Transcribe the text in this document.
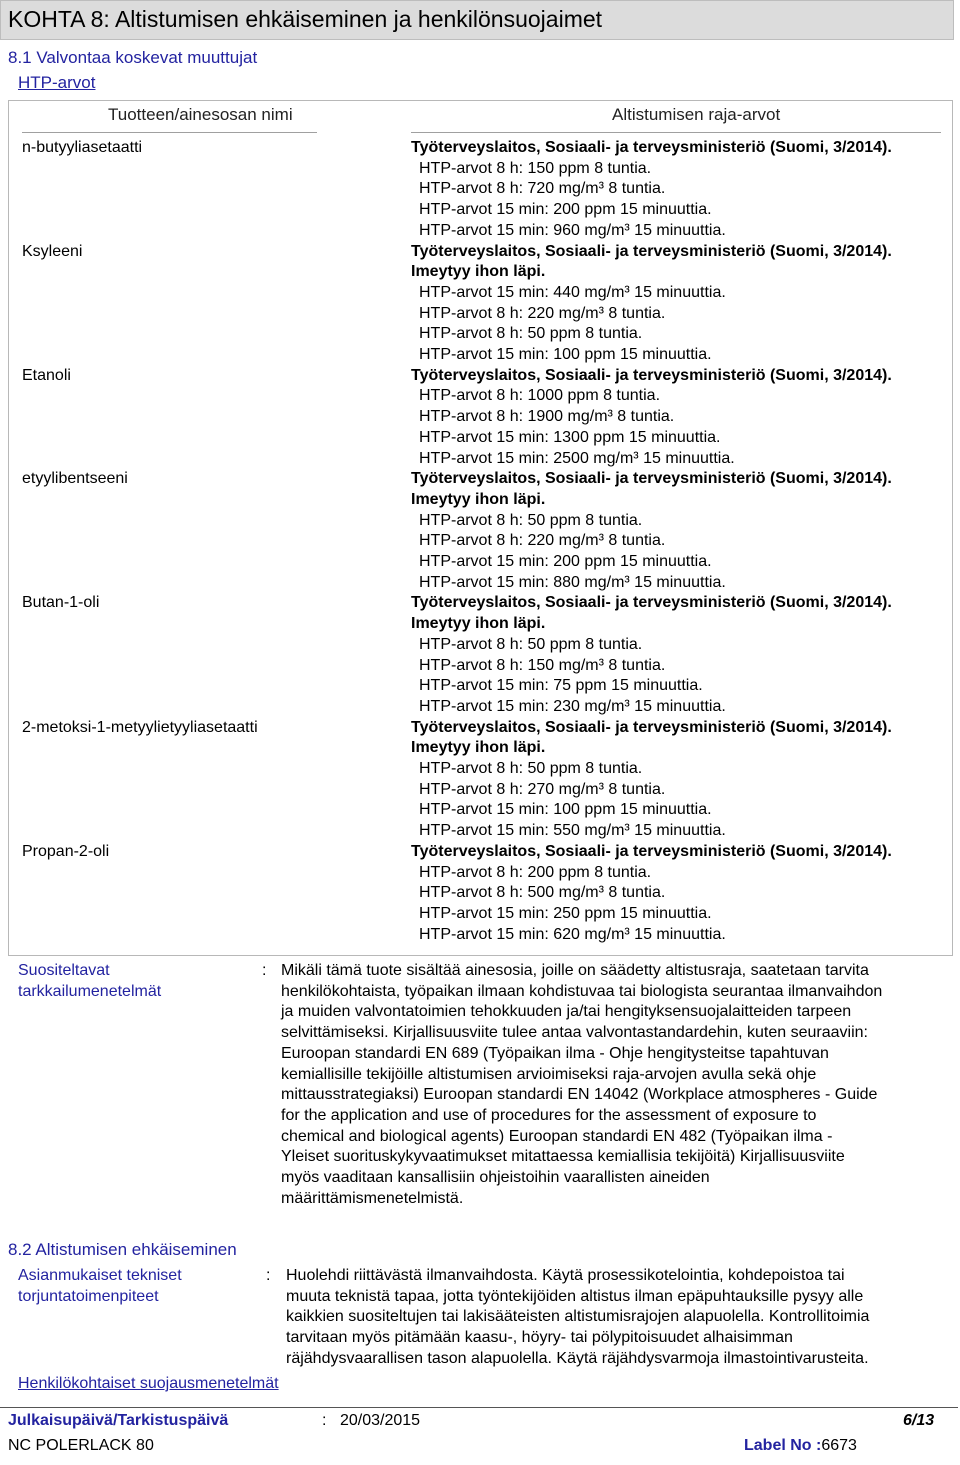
KOHTA 8: Altistumisen ehkäiseminen ja henkilönsuojaimet
8.1 Valvontaa koskevat muuttujat
HTP-arvot
Tuotteen/ainesosan nimi	Altistumisen raja-arvot
n-butyyliasetaatti	Työterveyslaitos, Sosiaali- ja terveysministeriö (Suomi, 3/2014).
HTP-arvot 8 h: 150 ppm 8 tuntia.
HTP-arvot 8 h: 720 mg/m³ 8 tuntia.
HTP-arvot 15 min: 200 ppm 15 minuuttia.
HTP-arvot 15 min: 960 mg/m³ 15 minuuttia.
Ksyleeni	Työterveyslaitos, Sosiaali- ja terveysministeriö (Suomi, 3/2014).
Imeytyy ihon läpi.
HTP-arvot 15 min: 440 mg/m³ 15 minuuttia.
HTP-arvot 8 h: 220 mg/m³ 8 tuntia.
HTP-arvot 8 h: 50 ppm 8 tuntia.
HTP-arvot 15 min: 100 ppm 15 minuuttia.
Etanoli	Työterveyslaitos, Sosiaali- ja terveysministeriö (Suomi, 3/2014).
HTP-arvot 8 h: 1000 ppm 8 tuntia.
HTP-arvot 8 h: 1900 mg/m³ 8 tuntia.
HTP-arvot 15 min: 1300 ppm 15 minuuttia.
HTP-arvot 15 min: 2500 mg/m³ 15 minuuttia.
etyylibentseeni	Työterveyslaitos, Sosiaali- ja terveysministeriö (Suomi, 3/2014).
Imeytyy ihon läpi.
HTP-arvot 8 h: 50 ppm 8 tuntia.
HTP-arvot 8 h: 220 mg/m³ 8 tuntia.
HTP-arvot 15 min: 200 ppm 15 minuuttia.
HTP-arvot 15 min: 880 mg/m³ 15 minuuttia.
Butan-1-oli	Työterveyslaitos, Sosiaali- ja terveysministeriö (Suomi, 3/2014).
Imeytyy ihon läpi.
HTP-arvot 8 h: 50 ppm 8 tuntia.
HTP-arvot 8 h: 150 mg/m³ 8 tuntia.
HTP-arvot 15 min: 75 ppm 15 minuuttia.
HTP-arvot 15 min: 230 mg/m³ 15 minuuttia.
2-metoksi-1-metyylietyyliasetaatti	Työterveyslaitos, Sosiaali- ja terveysministeriö (Suomi, 3/2014).
Imeytyy ihon läpi.
HTP-arvot 8 h: 50 ppm 8 tuntia.
HTP-arvot 8 h: 270 mg/m³ 8 tuntia.
HTP-arvot 15 min: 100 ppm 15 minuuttia.
HTP-arvot 15 min: 550 mg/m³ 15 minuuttia.
Propan-2-oli	Työterveyslaitos, Sosiaali- ja terveysministeriö (Suomi, 3/2014).
HTP-arvot 8 h: 200 ppm 8 tuntia.
HTP-arvot 8 h: 500 mg/m³ 8 tuntia.
HTP-arvot 15 min: 250 ppm 15 minuuttia.
HTP-arvot 15 min: 620 mg/m³ 15 minuuttia.
Suositeltavat
tarkkailumenetelmät
: Mikäli tämä tuote sisältää ainesosia, joille on säädetty altistusraja, saatetaan tarvita
henkilökohtaista, työpaikan ilmaan kohdistuvaa tai biologista seurantaa ilmanvaihdon
ja muiden valvontatoimien tehokkuuden ja/tai hengityksensuojalaitteiden tarpeen
selvittämiseksi. Kirjallisuusviite tulee antaa valvontastandardehin, kuten seuraaviin:
Euroopan standardi EN 689 (Työpaikan ilma - Ohje hengitysteitse tapahtuvan
kemiallisille tekijöille altistumisen arvioimiseksi raja-arvojen avulla sekä ohje
mittausstrategiaksi) Euroopan standardi EN 14042 (Workplace atmospheres - Guide
for the application and use of procedures for the assessment of exposure to
chemical and biological agents) Euroopan standardi EN 482 (Työpaikan ilma -
Yleiset suorituskykyvaatimukset mitattaessa kemiallisia tekijöitä) Kirjallisuusviite
myös vaaditaan kansallisiin ohjeistoihin vaarallisten aineiden
määrittämismenetelmistä.
8.2 Altistumisen ehkäiseminen
Asianmukaiset tekniset
torjuntatoimenpiteet
: Huolehdi riittävästä ilmanvaihdosta. Käytä prosessikotelointia, kohdepoistoa tai
muuta teknistä tapaa, jotta työntekijöiden altistus ilman epäpuhtauksille pysyy alle
kaikkien suositeltujen tai lakisääteisten altistumisrajojen alapuolella. Kontrollitoimia
tarvitaan myös pitämään kaasu-, höyry- tai pölypitoisuudet alhaisimman
räjähdysvaarallisen tason alapuolella. Käytä räjähdysvarmoja ilmastointivarusteita.
Henkilökohtaiset suojausmenetelmät
Julkaisupäivä/Tarkistuspäivä	: 20/03/2015	6/13
NC POLERLACK 80	Label No :6673
